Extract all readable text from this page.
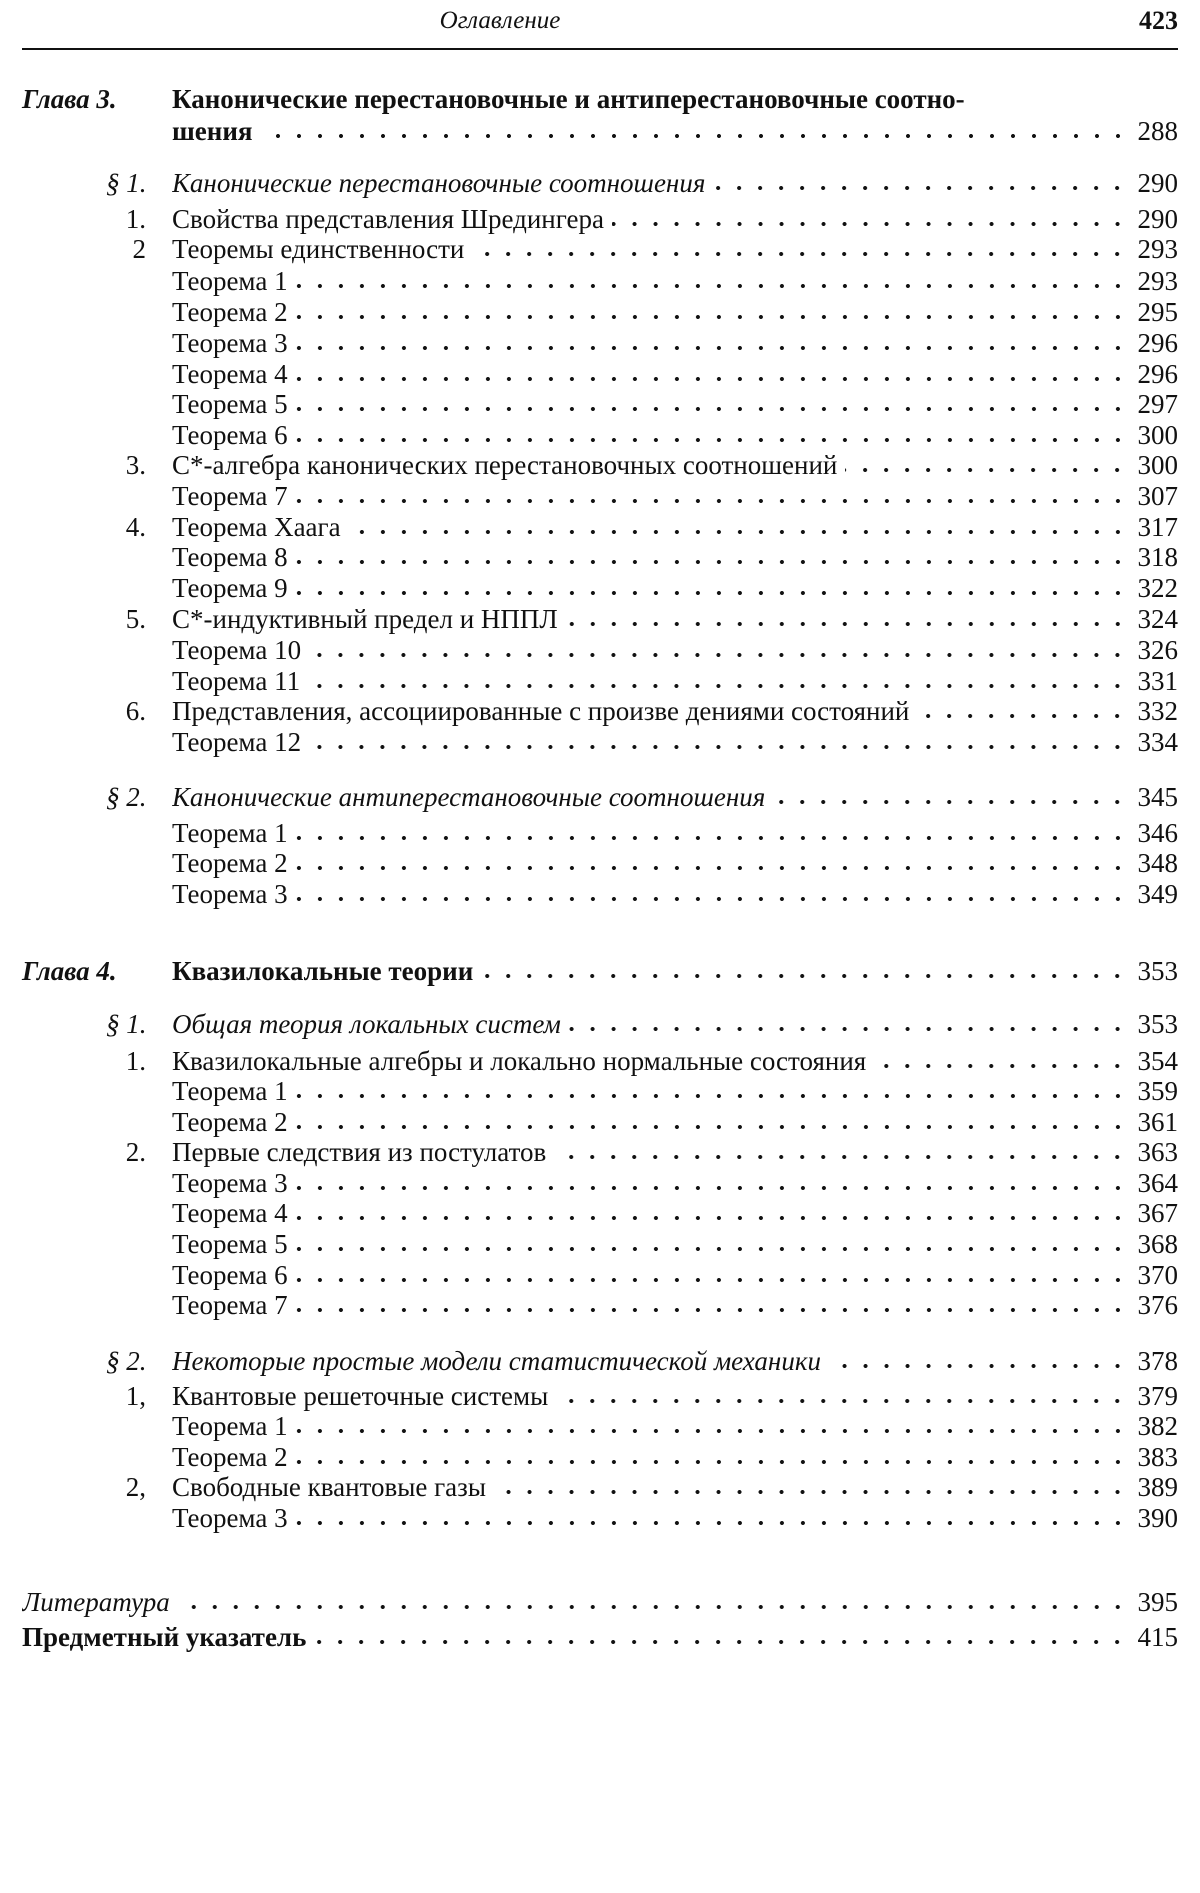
Оглавление	423
Глава 3. Канонические перестановочные и антиперестановочные соотно-
шения	288
§ 1. Канонические перестановочные соотношения	290
1. Свойства представления Шредингера	290
2 Теоремы единственности	293
Теорема 1	293
Теорема 2	295
Теорема 3	296
Теорема 4	296
Теорема 5	297
Теорема 6	300
3. C*-алгебра канонических перестановочных соотношений	300
Теорема 7	307
4. Теорема Хаага	317
Теорема 8	318
Теорема 9	322
5. C*-индуктивный предел и НППЛ	324
Теорема 10	326
Теорема 11	331
6. Представления, ассоциированные с произве дениями состояний	332
Теорема 12	334
§ 2. Канонические антиперестановочные соотношения	345
Теорема 1	346
Теорема 2	348
Теорема 3	349
Глава 4. Квазилокальные теории	353
§ 1. Общая теория локальных систем	353
1. Квазилокальные алгебры и локально нормальные состояния	354
Теорема 1	359
Теорема 2	361
2. Первые следствия из постулатов	363
Теорема 3	364
Теорема 4	367
Теорема 5	368
Теорема 6	370
Теорема 7	376
§ 2. Некоторые простые модели статистической механики	378
1, Квантовые решеточные системы	379
Теорема 1	382
Теорема 2	383
2, Свободные квантовые газы	389
Теорема 3	390
Литература	395
Предметный указатель	415
